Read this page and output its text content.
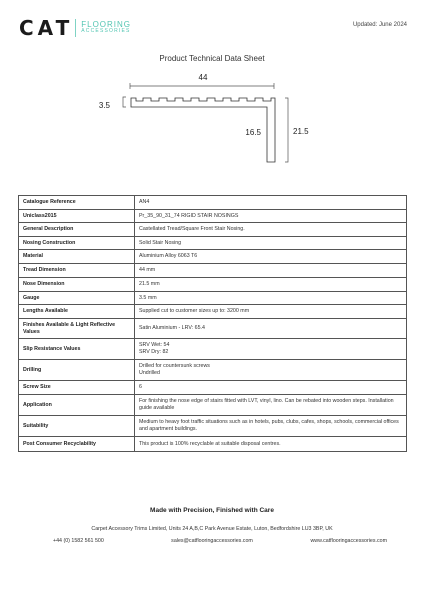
CAT FLOORING
ACCESSORIES
Updated: June 2024
Product Technical Data Sheet
44
3.5
16.5	21.5
Catalogue Reference	AN4

Uniclass2015	Pr_35_90_31_74 RIGID STAIR NOSINGS

General Description	Castellated Tread/Square Front Stair Nosing.

Nosing Construction	Solid Stair Nosing

Material	Aluminium Alloy 6063 T6

Tread Dimension	44 mm

Nose Dimension	21.5 mm

Gauge	3.5 mm

Lengths Available	Supplied cut to customer sizes up to: 3200 mm

Finishes Available & Light Reflective Values	Satin Aluminium - LRV: 65.4

Slip Resistance Values	SRV Wet: 54
SRV Dry: 82

Drilling	Drilled for countersunk screws
Undrilled

Screw Size	6

Application	For finishing the nose edge of stairs fitted with LVT, vinyl, lino. Can be rebated into wooden steps. Installation guide available

Suitability	Medium to heavy foot traffic situations such as in hotels, pubs, clubs, cafes, shops, schools, commercial offices and apartment buildings.

Post Consumer Recyclability	This product is 100% recyclable at suitable disposal centres.
Made with Precision, Finished with Care
Carpet Accessory Trims Limited, Units 24 A,B,C Park Avenue Estate, Luton, Bedfordshire LU3 3BP, UK
+44 (0) 1582 561 500	sales@catflooringaccessories.com	www.catflooringaccessories.com
